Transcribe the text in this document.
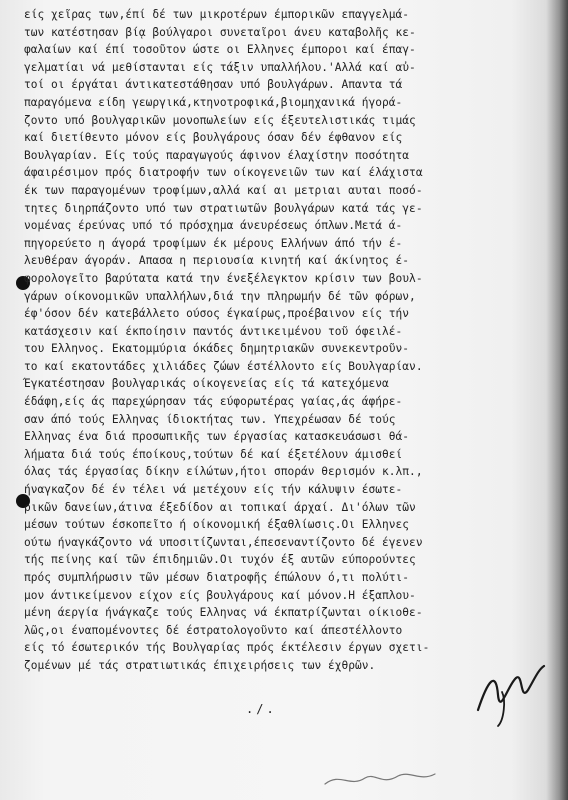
είς χεῖρας των,έπί δέ των μικροτέρων έμπορικῶν επαγγελμά-
των κατέστησαν βίᾳ βούλγαροι συνεταῖροι άνευ καταβολῆς κε-
φαλαίων καί έπί τοσοῦτον ώστε οι Ελληνες έμποροι καί έπαγ-
γελματίαι νά μεθίστανται είς τάξιν υπαλλήλου.'Αλλά καί αὐ-
τοί οι έργάται άντικατεστάθησαν υπό βουλγάρων. Απαντα τά
παραγόμενα είδη γεωργικά,κτηνοτροφικά,βιομηχανικά ήγορά-
ζοντο υπό βουλγαρικῶν μονοπωλείων είς έξευτελιστικάς τιμάς
καί διετίθεντο μόνον είς βουλγάρους όσαν δέν έφθανον είς
Βουλγαρίαν. Είς τούς παραγωγούς άφινον έλαχίστην ποσότητα
άφαιρέσιμον πρός διατροφήν των οίκογενειῶν των καί έλάχιστα
έκ των παραγομένων τροφίμων,αλλά καί αι μετριαι αυται ποσό-
τητες διηρπάζοντο υπό των στρατιωτῶν βουλγάρων κατά τάς γε-
νομένας έρεύνας υπό τό πρόσχημα άνευρέσεως όπλων.Μετά ά-
πηγορεύετο η άγορά τροφίμων έκ μέρους Ελλήνων άπό τήν έ-
λευθέραν άγοράν. Απασα η περιουσία κινητή καί άκίνητος έ-
φορολογεῖτο βαρύτατα κατά την ένεξέλεγκτον κρίσιν των βουλ-
γάρων οίκονομικῶν υπαλλήλων,διά την πληρωμήν δέ τῶν φόρων,
έφ'όσον δέν κατεβάλλετο ούσος έγκαίρως,προέβαινον είς τήν
κατάσχεσιν καί έκποίησιν παντός άντικειμένου τοῦ όφειλέ-
του Ελληνος. Εκατομμύρια όκάδες δημητριακῶν συνεκεντροῦν-
το καί εκατοντάδες χιλιάδες ζώων έστέλλοντο είς Βουλγαρίαν.
Έγκατέστησαν βουλγαρικάς οίκογενείας είς τά κατεχόμενα
έδάφη,είς άς παρεχώρησαν τάς εύφορωτέρας γαίας,άς άφήρε-
σαν άπό τούς Ελληνας ίδιοκτήτας των. Υπεχρέωσαν δέ τούς
Ελληνας ένα διά προσωπικῆς των έργασίας κατασκευάσωσι θά-
λήματα διά τούς έποίκους,τούτων δέ καί έξετέλουν άμισθεί
όλας τάς έργασίας δίκην είλώτων,ήτοι σποράν θερισμόν κ.λπ.,
ήναγκαζον δέ έν τέλει νά μετέχουν είς τήν κάλυψιν έσωτε-
ρικῶν δανείων,άτινα έξεδίδον αι τοπικαί άρχαί. Δι'όλων τῶν
μέσων τούτων έσκοπεῖτο ή οίκονομική έξαθλίωσις.Οι Ελληνες
ούτω ήναγκάζοντο νά υποσιτίζωνται,έπεσεναντίζοντο δέ έγενεν
τής πείνης καί τῶν έπιδημιῶν.Οι τυχόν έξ αυτῶν εύπορούντες
πρός συμπλήρωσιν τῶν μέσων διατροφῆς έπώλουν ό,τι πολύτι-
μον άντικείμενον είχον είς βουλγάρους καί μόνον.Η έξαπλου-
μένη άεργία ήνάγκαζε τούς Ελληνας νά έκπατρίζωνται οίκιοθε-
λῶς,οι έναπομένοντες δέ έστρατολογοῦντο καί άπεστέλλοντο
είς τό έσωτερικόν τής Βουλγαρίας πρός έκτέλεσιν έργων σχετι-
ζομένων μέ τάς στρατιωτικάς έπιχειρήσεις των έχθρῶν.
./.
